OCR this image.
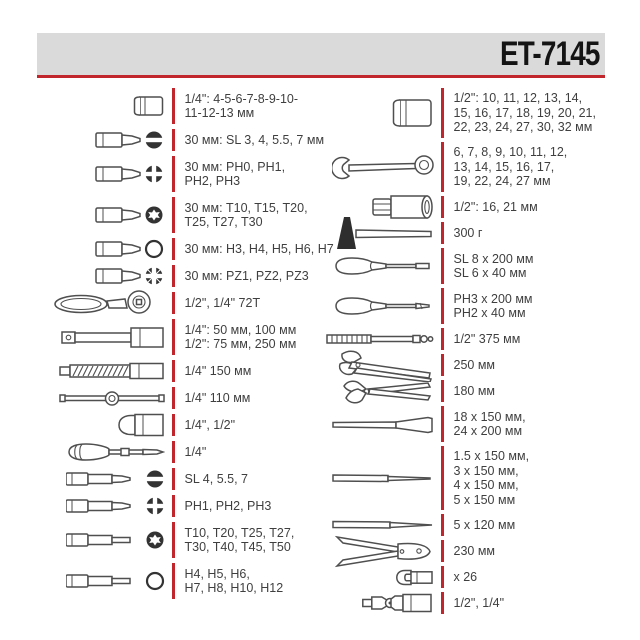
ET-7145
1/4": 4-5-6-7-8-9-10-
11-12-13 мм
30 мм: SL 3, 4, 5.5, 7 мм
30 мм: PH0, PH1,
PH2, PH3
30 мм: T10, T15, T20,
T25, T27, T30
30 мм: H3, H4, H5, H6, H7
30 мм: PZ1, PZ2, PZ3
1/2", 1/4" 72T
1/4": 50 мм, 100 мм
1/2": 75 мм, 250 мм
1/4" 150 мм
1/4" 110 мм
1/4", 1/2"
1/4"
SL 4, 5.5, 7
PH1, PH2, PH3
T10, T20, T25, T27,
T30, T40, T45, T50
H4, H5, H6,
H7, H8, H10, H12
1/2": 10, 11, 12, 13, 14,
15, 16, 17, 18, 19, 20, 21,
22, 23, 24, 27, 30, 32 мм
6, 7, 8, 9, 10, 11, 12,
13, 14, 15, 16, 17,
19, 22, 24, 27 мм
1/2": 16, 21 мм
300 г
SL 8 x 200 мм
SL 6 x 40 мм
PH3 x 200 мм
PH2 x 40 мм
1/2" 375 мм
250 мм
180 мм
18 x 150 мм,
24 x 200 мм
1.5 x 150 мм,
3 x 150 мм,
4 x 150 мм,
5 x 150 мм
5 x 120 мм
230 мм
x 26
1/2", 1/4"
